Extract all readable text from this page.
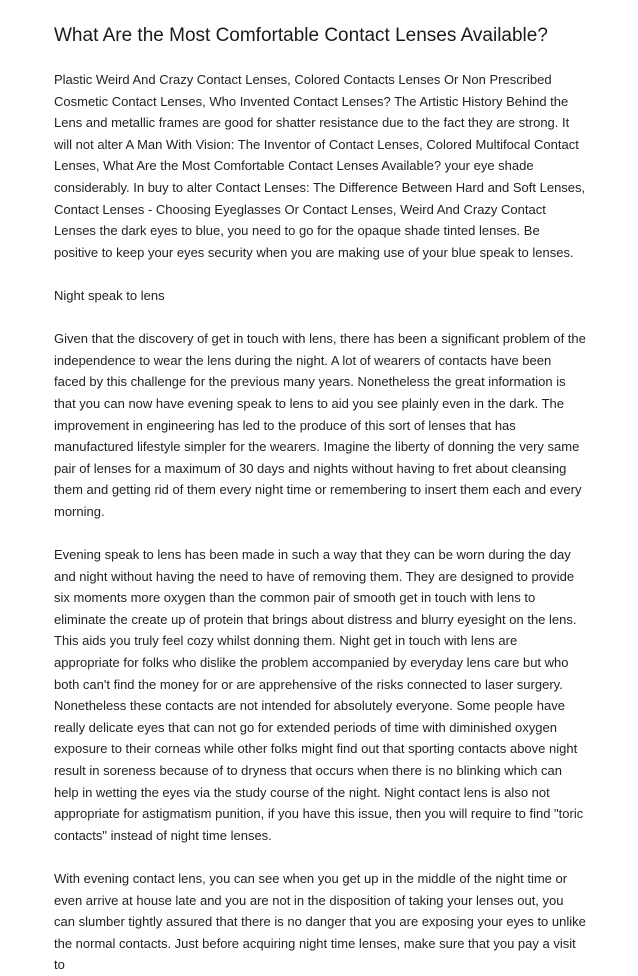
What Are the Most Comfortable Contact Lenses Available?

Plastic Weird And Crazy Contact Lenses, Colored Contacts Lenses Or Non Prescribed Cosmetic Contact Lenses, Who Invented Contact Lenses? The Artistic History Behind the Lens and metallic frames are good for shatter resistance due to the fact they are strong. It will not alter A Man With Vision: The Inventor of Contact Lenses, Colored Multifocal Contact Lenses, What Are the Most Comfortable Contact Lenses Available? your eye shade considerably. In buy to alter Contact Lenses: The Difference Between Hard and Soft Lenses, Contact Lenses - Choosing Eyeglasses Or Contact Lenses, Weird And Crazy Contact Lenses the dark eyes to blue, you need to go for the opaque shade tinted lenses. Be positive to keep your eyes security when you are making use of your blue speak to lenses.

Night speak to lens

Given that the discovery of get in touch with lens, there has been a significant problem of the independence to wear the lens during the night. A lot of wearers of contacts have been faced by this challenge for the previous many years. Nonetheless the great information is that you can now have evening speak to lens to aid you see plainly even in the dark. The improvement in engineering has led to the produce of this sort of lenses that has manufactured lifestyle simpler for the wearers. Imagine the liberty of donning the very same pair of lenses for a maximum of 30 days and nights without having to fret about cleansing them and getting rid of them every night time or remembering to insert them each and every morning.

Evening speak to lens has been made in such a way that they can be worn during the day and night without having the need to have of removing them. They are designed to provide six moments more oxygen than the common pair of smooth get in touch with lens to eliminate the create up of protein that brings about distress and blurry eyesight on the lens. This aids you truly feel cozy whilst donning them. Night get in touch with lens are appropriate for folks who dislike the problem accompanied by everyday lens care but who both can't find the money for or are apprehensive of the risks connected to laser surgery. Nonetheless these contacts are not intended for absolutely everyone. Some people have really delicate eyes that can not go for extended periods of time with diminished oxygen exposure to their corneas while other folks might find out that sporting contacts above night result in soreness because of to dryness that occurs when there is no blinking which can help in wetting the eyes via the study course of the night. Night contact lens is also not appropriate for astigmatism punition, if you have this issue, then you will require to find "toric contacts" instead of night time lenses.

With evening contact lens, you can see when you get up in the middle of the night time or even arrive at house late and you are not in the disposition of taking your lenses out, you can slumber tightly assured that there is no danger that you are exposing your eyes to unlike the normal contacts. Just before acquiring night time lenses, make sure that you pay a visit to
